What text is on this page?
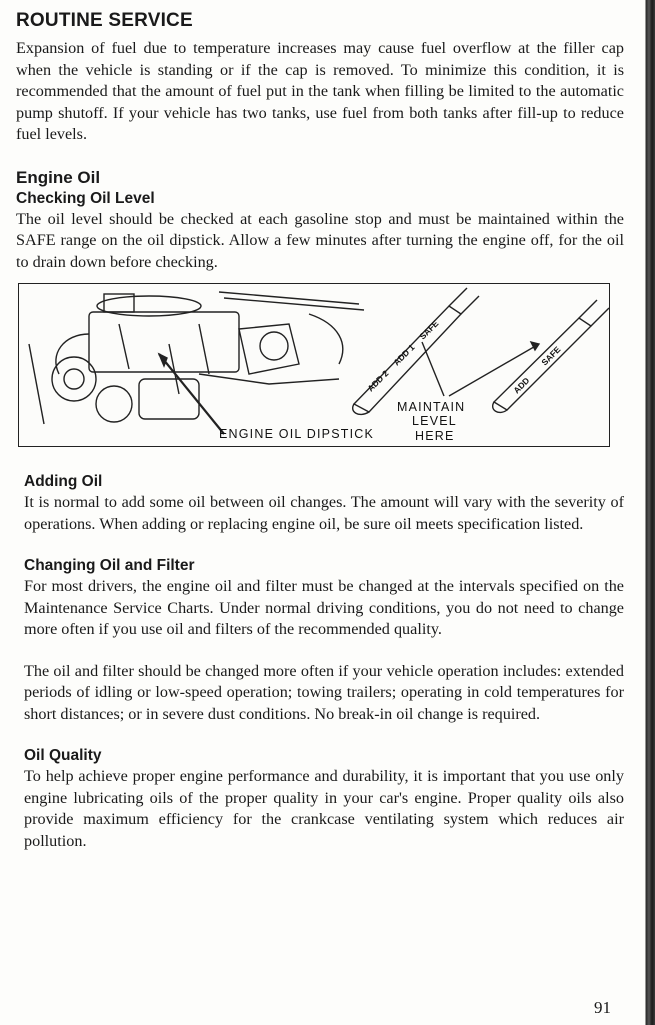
ROUTINE SERVICE

Expansion of fuel due to temperature increases may cause fuel overflow at the filler cap when the vehicle is standing or if the cap is removed. To minimize this condition, it is recommended that the amount of fuel put in the tank when filling be limited to the automatic pump shutoff. If your vehicle has two tanks, use fuel from both tanks after fill-up to reduce fuel levels.

Engine Oil
Checking Oil Level

The oil level should be checked at each gasoline stop and must be maintained within the SAFE range on the oil dipstick. Allow a few minutes after turning the engine off, for the oil to drain down before checking.

ADD 2
ADD 1
SAFE
ADD
SAFE
ENGINE OIL DIPSTICK
MAINTAIN
LEVEL
HERE
Adding Oil

It is normal to add some oil between oil changes. The amount will vary with the severity of operations. When adding or replacing engine oil, be sure oil meets specification listed.

Changing Oil and Filter

For most drivers, the engine oil and filter must be changed at the intervals specified on the Maintenance Service Charts. Under normal driving conditions, you do not need to change more often if you use oil and filters of the recommended quality.

The oil and filter should be changed more often if your vehicle operation includes: extended periods of idling or low-speed operation; towing trailers; operating in cold temperatures for short distances; or in severe dust conditions. No break-in oil change is required.

Oil Quality

To help achieve proper engine performance and durability, it is important that you use only engine lubricating oils of the proper quality in your car's engine. Proper quality oils also provide maximum efficiency for the crankcase ventilating system which reduces air pollution.

91
